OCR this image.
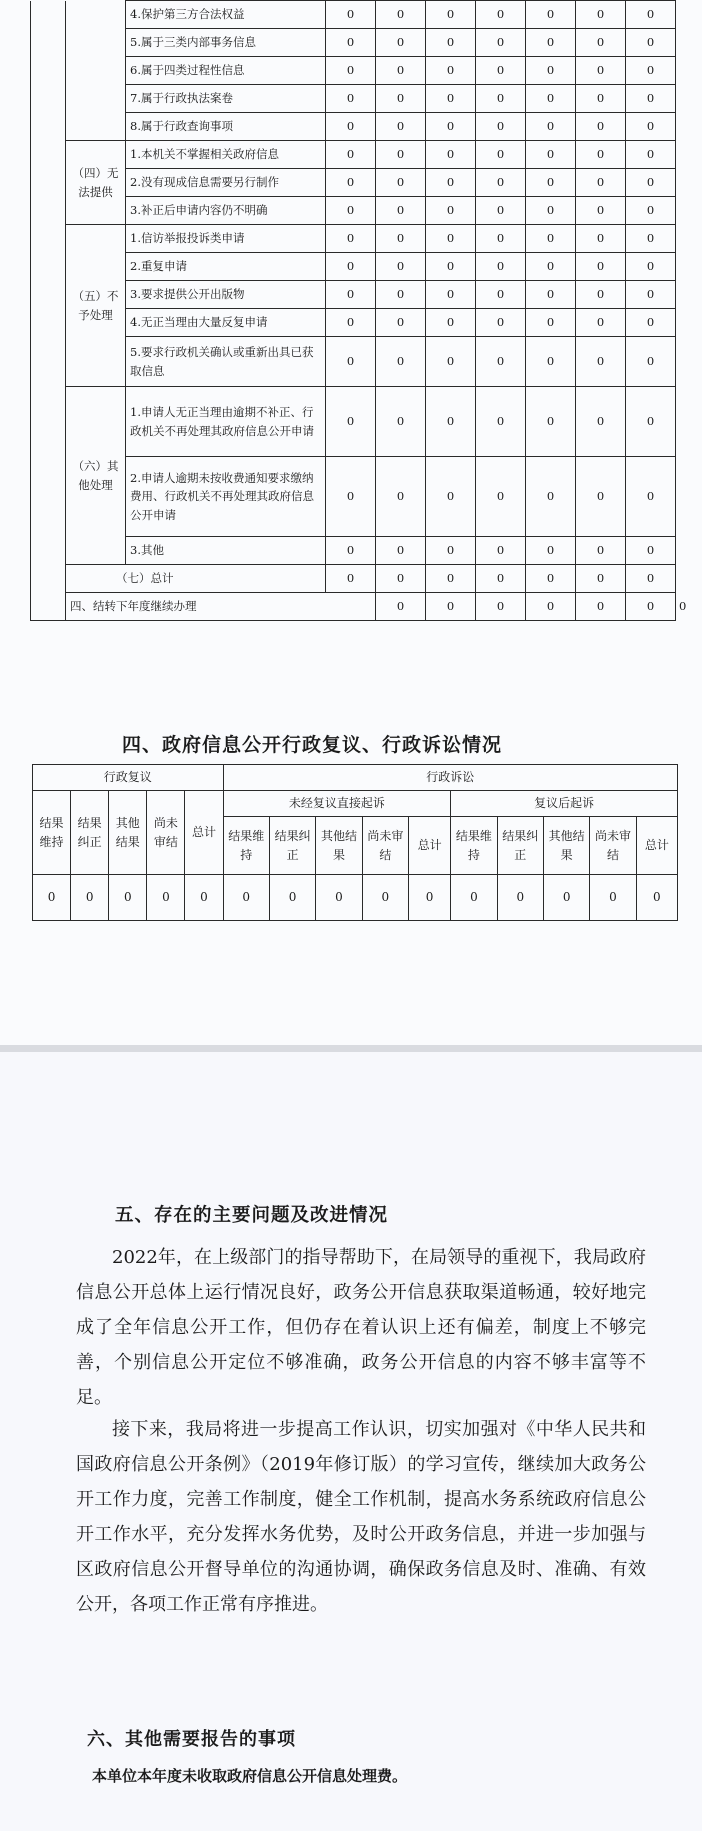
		4.保护第三方合法权益	0	0	0	0	0	0	0	
		5.属于三类内部事务信息	0	0	0	0	0	0	0	
		6.属于四类过程性信息	0	0	0	0	0	0	0	
		7.属于行政执法案卷	0	0	0	0	0	0	0	
		8.属于行政查询事项	0	0	0	0	0	0	0	
	（四）无法提供	1.本机关不掌握相关政府信息	0	0	0	0	0	0	0	
		2.没有现成信息需要另行制作	0	0	0	0	0	0	0	
		3.补正后申请内容仍不明确	0	0	0	0	0	0	0	
	（五）不予处理	1.信访举报投诉类申请	0	0	0	0	0	0	0	
		2.重复申请	0	0	0	0	0	0	0	
		3.要求提供公开出版物	0	0	0	0	0	0	0	
		4.无正当理由大量反复申请	0	0	0	0	0	0	0	
		5.要求行政机关确认或重新出具已获取信息	0	0	0	0	0	0	0	
	（六）其他处理	1.申请人无正当理由逾期不补正、行政机关不再处理其政府信息公开申请	0	0	0	0	0	0	0	
		2.申请人逾期未按收费通知要求缴纳费用、行政机关不再处理其政府信息公开申请	0	0	0	0	0	0	0	
		3.其他	0	0	0	0	0	0	0	
	（七）总计		0	0	0	0	0	0	0	
	四、结转下年度继续办理			0	0	0	0	0	0	0
四、政府信息公开行政复议、行政诉讼情况
行政复议					行政诉讼									
结果维持	结果纠正	其他结果	尚未审结	总计	未经复议直接起诉					复议后起诉				
					结果维持	结果纠正	其他结果	尚未审结	总计	结果维持	结果纠正	其他结果	尚未审结	总计
0	0	0	0	0	0	0	0	0	0	0	0	0	0	0
五、存在的主要问题及改进情况

2022年，在上级部门的指导帮助下，在局领导的重视下，我局政府信息公开总体上运行情况良好，政务公开信息获取渠道畅通，较好地完成了全年信息公开工作，但仍存在着认识上还有偏差，制度上不够完善，个别信息公开定位不够准确，政务公开信息的内容不够丰富等不足。

接下来，我局将进一步提高工作认识，切实加强对《中华人民共和国政府信息公开条例》（2019年修订版）的学习宣传，继续加大政务公开工作力度，完善工作制度，健全工作机制，提高水务系统政府信息公开工作水平，充分发挥水务优势，及时公开政务信息，并进一步加强与区政府信息公开督导单位的沟通协调，确保政务信息及时、准确、有效公开，各项工作正常有序推进。

六、其他需要报告的事项
本单位本年度未收取政府信息公开信息处理费。
